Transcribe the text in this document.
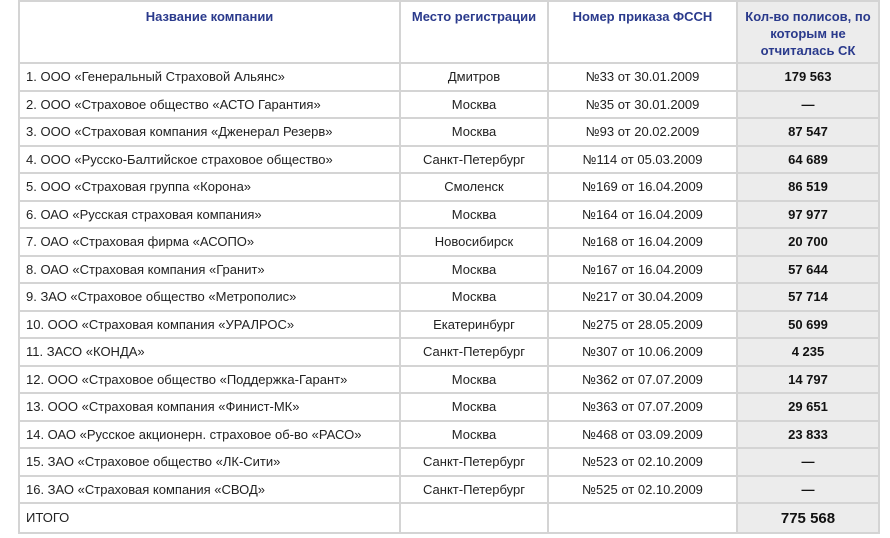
Название компании	Место регистрации	Номер приказа ФССН	Кол-во полисов, по которым не отчиталась СК
1. ООО «Генеральный Страховой Альянс»	Дмитров	№33 от 30.01.2009	179 563
2. ООО «Страховое общество «АСТО Гарантия»	Москва	№35 от 30.01.2009	—
3. ООО «Страховая компания «Дженерал Резерв»	Москва	№93 от 20.02.2009	87 547
4. ООО «Русско-Балтийское страховое общество»	Санкт-Петербург	№114 от 05.03.2009	64 689
5. ООО «Страховая группа «Корона»	Смоленск	№169 от 16.04.2009	86 519
6. ОАО «Русская страховая компания»	Москва	№164 от 16.04.2009	97 977
7. ОАО «Страховая фирма «АСОПО»	Новосибирск	№168 от 16.04.2009	20 700
8. ОАО «Страховая компания «Гранит»	Москва	№167 от 16.04.2009	57 644
9. ЗАО «Страховое общество «Метрополис»	Москва	№217 от 30.04.2009	57 714
10. ООО «Страховая компания «УРАЛРОС»	Екатеринбург	№275 от 28.05.2009	50 699
11. ЗАСО «КОНДА»	Санкт-Петербург	№307 от 10.06.2009	4 235
12. ООО «Страховое общество «Поддержка-Гарант»	Москва	№362 от 07.07.2009	14 797
13. ООО «Страховая компания «Финист-МК»	Москва	№363 от 07.07.2009	29 651
14. ОАО «Русское акционерн. страховое об-во «РАСО»	Москва	№468 от 03.09.2009	23 833
15. ЗАО «Страховое общество «ЛК-Сити»	Санкт-Петербург	№523 от 02.10.2009	—
16. ЗАО «Страховая компания «СВОД»	Санкт-Петербург	№525 от 02.10.2009	—
ИТОГО			775 568
